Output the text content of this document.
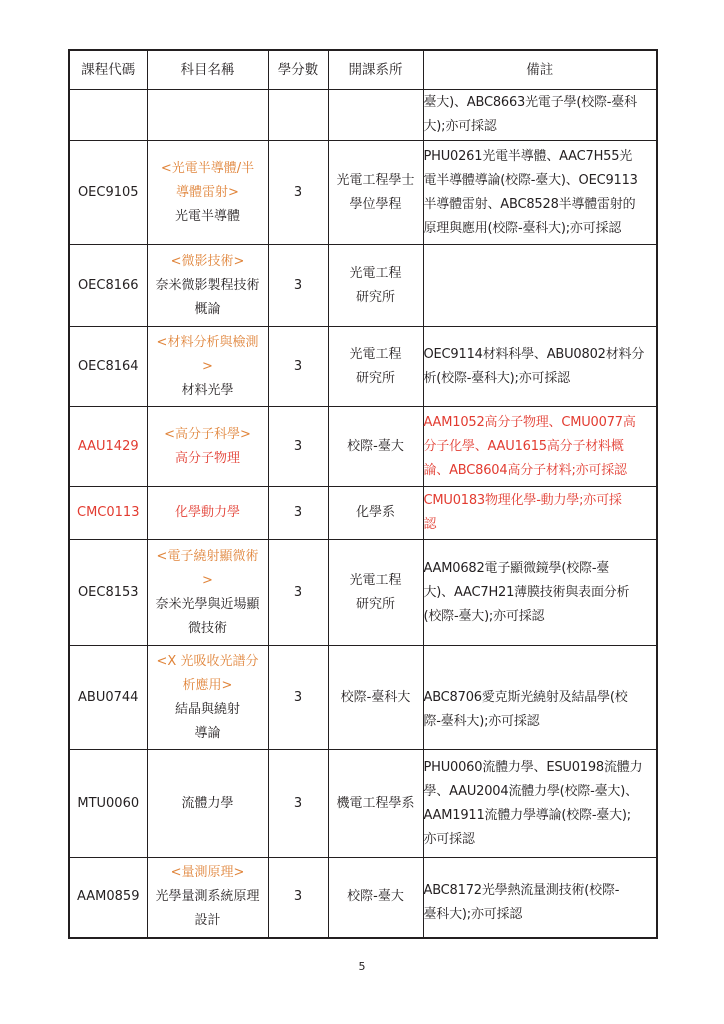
課程代碼	科目名稱	學分數	開課系所	備註

				臺大)、ABC8663光電子學(校際-臺科
大);亦可採認

OEC9105	<光電半導體/半
導體雷射>
光電半導體	3	光電工程學士
學位學程	PHU0261光電半導體、AAC7H55光
電半導體導論(校際-臺大)、OEC9113
半導體雷射、ABC8528半導體雷射的
原理與應用(校際-臺科大);亦可採認

OEC8166	<微影技術>
奈米微影製程技術
概論	3	光電工程
研究所	

OEC8164	<材料分析與檢測
>
材料光學	3	光電工程
研究所	OEC9114材料科學、ABU0802材料分
析(校際-臺科大);亦可採認

AAU1429	<高分子科學>
高分子物理	3	校際-臺大	AAM1052高分子物理、CMU0077高
分子化學、AAU1615高分子材料概
論、ABC8604高分子材料;亦可採認

CMC0113	化學動力學	3	化學系	CMU0183物理化學-動力學;亦可採
認

OEC8153	<電子繞射顯微術
>
奈米光學與近場顯
微技術	3	光電工程
研究所	AAM0682電子顯微鏡學(校際-臺
大)、AAC7H21薄膜技術與表面分析
(校際-臺大);亦可採認

ABU0744	<X 光吸收光譜分
析應用>
結晶與繞射
導論	3	校際-臺科大	ABC8706愛克斯光繞射及結晶學(校
際-臺科大);亦可採認

MTU0060	流體力學	3	機電工程學系	PHU0060流體力學、ESU0198流體力
學、AAU2004流體力學(校際-臺大)、
AAM1911流體力學導論(校際-臺大);
亦可採認

AAM0859	<量測原理>
光學量測系統原理
設計	3	校際-臺大	ABC8172光學熱流量測技術(校際-
臺科大);亦可採認
5
